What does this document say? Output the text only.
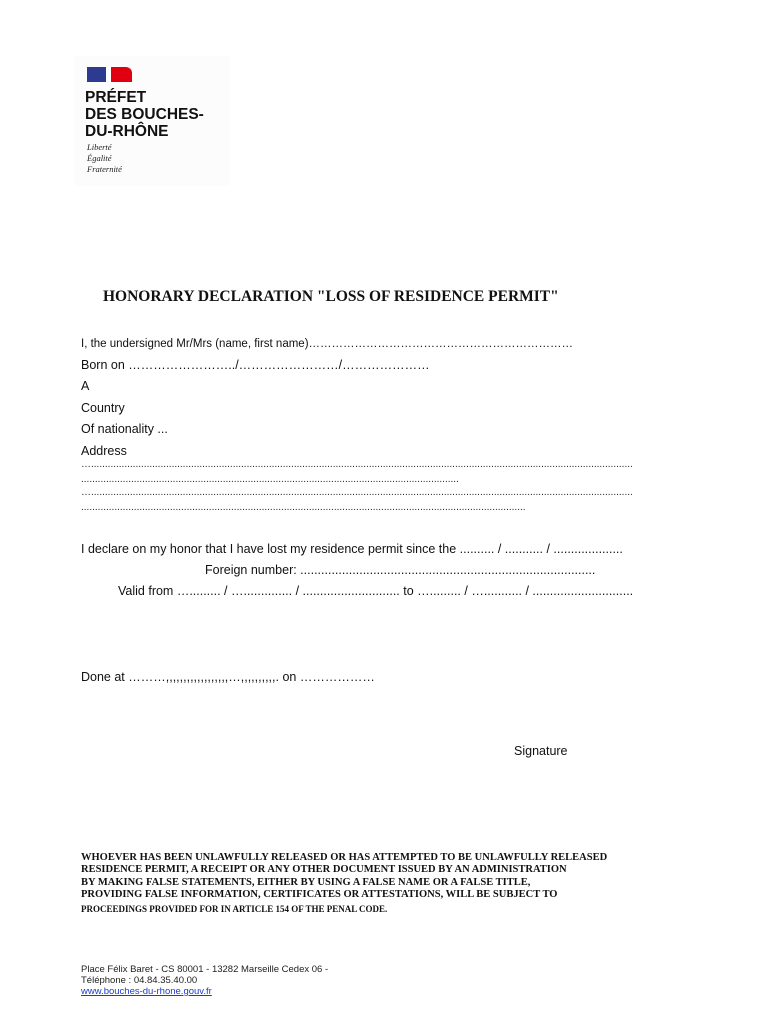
PRÉFET
DES BOUCHES-
DU-RHÔNE
Liberté
Égalité
Fraternité
HONORARY DECLARATION "LOSS OF RESIDENCE PERMIT"
I, the undersigned Mr/Mrs (name, first name)……………………………………………………………
Born on ……………………../……………………/…………………
A
Country
Of nationality ...
Address
…...................................................................................................................................................................................................
........................................................................................................................................
…...................................................................................................................................................................................................
................................................................................................................................................................
I declare on my honor that I have lost my residence permit since the .......... / ........... / ....................
Foreign number: .....................................................................................
Valid from …......... / ….............. / ............................ to …......... / …........... / .............................
Done at ………,,,,,,,,,,,,,,,,,,…,,,,,,,,,,. on ………………
Signature
WHOEVER HAS BEEN UNLAWFULLY RELEASED OR HAS ATTEMPTED TO BE UNLAWFULLY RELEASED
RESIDENCE PERMIT, A RECEIPT OR ANY OTHER DOCUMENT ISSUED BY AN ADMINISTRATION
BY MAKING FALSE STATEMENTS, EITHER BY USING A FALSE NAME OR A FALSE TITLE,
PROVIDING FALSE INFORMATION, CERTIFICATES OR ATTESTATIONS, WILL BE SUBJECT TO
PROCEEDINGS PROVIDED FOR IN ARTICLE 154 OF THE PENAL CODE.
Place Félix Baret - CS 80001 - 13282 Marseille Cedex 06 -
Téléphone : 04.84.35.40.00
www.bouches-du-rhone.gouv.fr
